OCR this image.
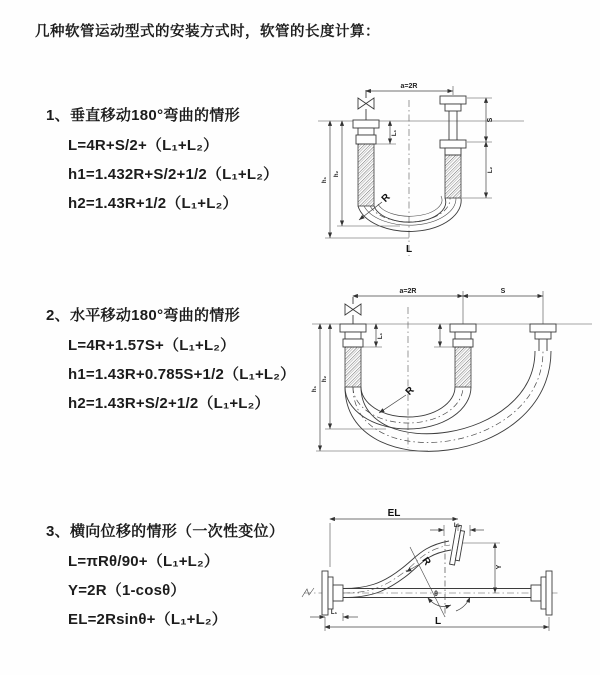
几种软管运动型式的安装方式时，软管的长度计算：
1、垂直移动180°弯曲的情形
L=4R+S/2+（L₁+L₂）
h1=1.432R+S/2+1/2（L₁+L₂）
h2=1.43R+1/2（L₁+L₂）
2、水平移动180°弯曲的情形
L=4R+1.57S+（L₁+L₂）
h1=1.43R+0.785S+1/2（L₁+L₂）
h2=1.43R+S/2+1/2（L₁+L₂）
3、横向位移的情形（一次性变位）
L=πRθ/90+（L₁+L₂）
Y=2R（1-cosθ）
EL=2Rsinθ+（L₁+L₂）
a=2R
h₁
h₂
L₁
S
L₂
R
L
a=2R	S
h₁
h₂
L₁
R
θ
R
EL
L₂
Y
L₁
L
